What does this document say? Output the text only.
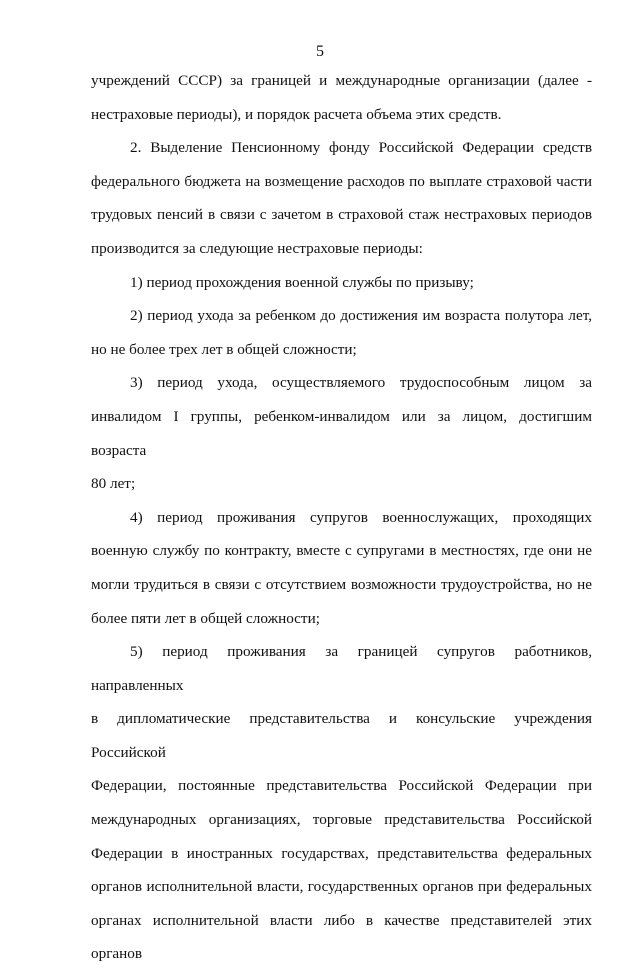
5

учреждений СССР) за границей и международные организации (далее -

нестраховые периоды), и порядок расчета объема этих средств.

2. Выделение Пенсионному фонду Российской Федерации средств

федерального бюджета на возмещение расходов по выплате страховой части

трудовых пенсий в связи с зачетом в страховой стаж нестраховых периодов

производится за следующие нестраховые периоды:

1) период прохождения военной службы по призыву;

2) период ухода за ребенком до достижения им возраста полутора лет,

но не более трех лет в общей сложности;

3) период ухода, осуществляемого трудоспособным лицом за

инвалидом I группы, ребенком-инвалидом или за лицом, достигшим возраста

80 лет;

4) период проживания супругов военнослужащих, проходящих

военную службу по контракту, вместе с супругами в местностях, где они не

могли трудиться в связи с отсутствием возможности трудоустройства, но не

более пяти лет в общей сложности;

5) период проживания за границей супругов работников, направленных

в дипломатические представительства и консульские учреждения Российской

Федерации, постоянные представительства Российской Федерации при

международных организациях, торговые представительства Российской

Федерации в иностранных государствах, представительства федеральных

органов исполнительной власти, государственных органов при федеральных

органах исполнительной власти либо в качестве представителей этих органов
